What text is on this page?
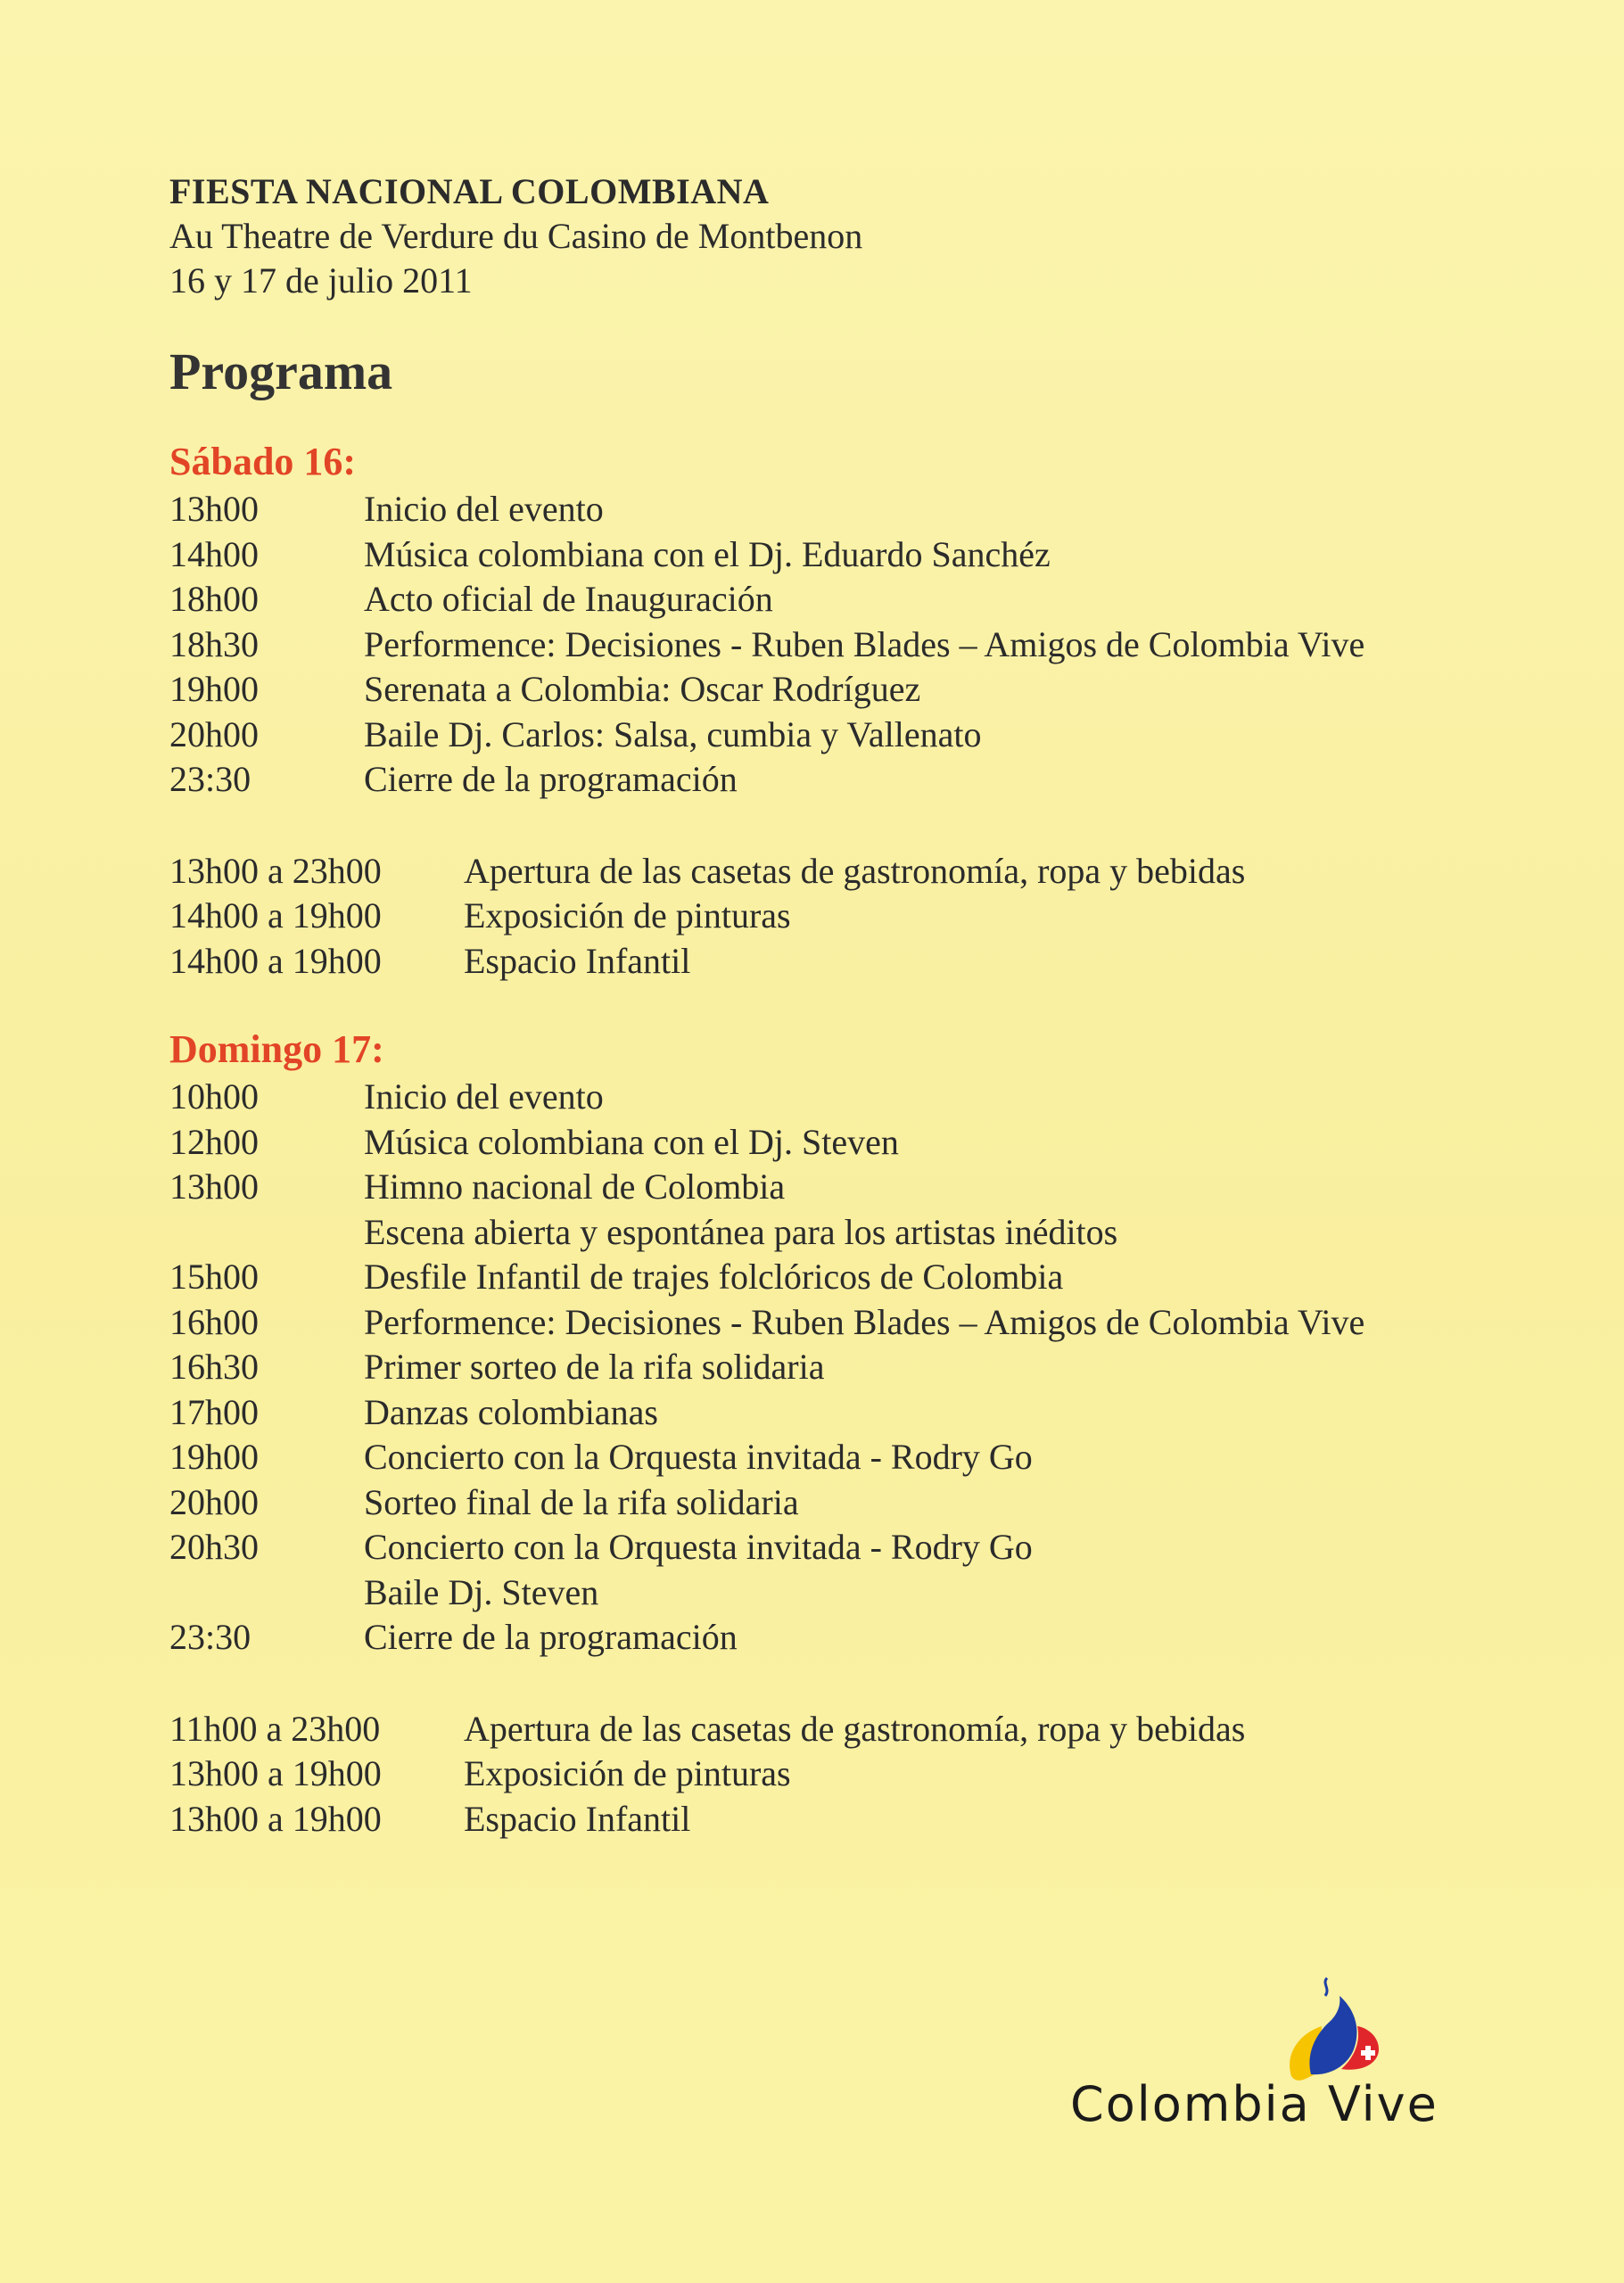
FIESTA NACIONAL COLOMBIANA

Au Theatre de Verdure du Casino de Montbenon

16 y 17 de julio 2011

Programa
Sábado 16:
13h00	Inicio del evento
14h00	Música colombiana con el Dj. Eduardo Sanchéz
18h00	Acto oficial de Inauguración
18h30	Performence: Decisiones - Ruben Blades – Amigos de Colombia Vive
19h00	Serenata a Colombia: Oscar Rodríguez
20h00	Baile Dj. Carlos: Salsa, cumbia y Vallenato
23:30	Cierre de la programación
13h00 a 23h00	Apertura de las casetas de gastronomía, ropa y bebidas
14h00 a 19h00	Exposición de pinturas
14h00 a 19h00	Espacio Infantil
Domingo 17:
10h00	Inicio del evento
12h00	Música colombiana con el Dj. Steven
13h00	Himno nacional de Colombia
Escena abierta y espontánea para los artistas inéditos
15h00	Desfile Infantil de trajes folclóricos de Colombia
16h00	Performence: Decisiones - Ruben Blades – Amigos de Colombia Vive
16h30	Primer sorteo de la rifa solidaria
17h00	Danzas colombianas
19h00	Concierto con la Orquesta invitada - Rodry Go
20h00	Sorteo final de la rifa solidaria
20h30	Concierto con la Orquesta invitada - Rodry Go
Baile Dj. Steven
23:30	Cierre de la programación
11h00 a 23h00	Apertura de las casetas de gastronomía, ropa y bebidas
13h00 a 19h00	Exposición de pinturas
13h00 a 19h00	Espacio Infantil
Colombia Vive
